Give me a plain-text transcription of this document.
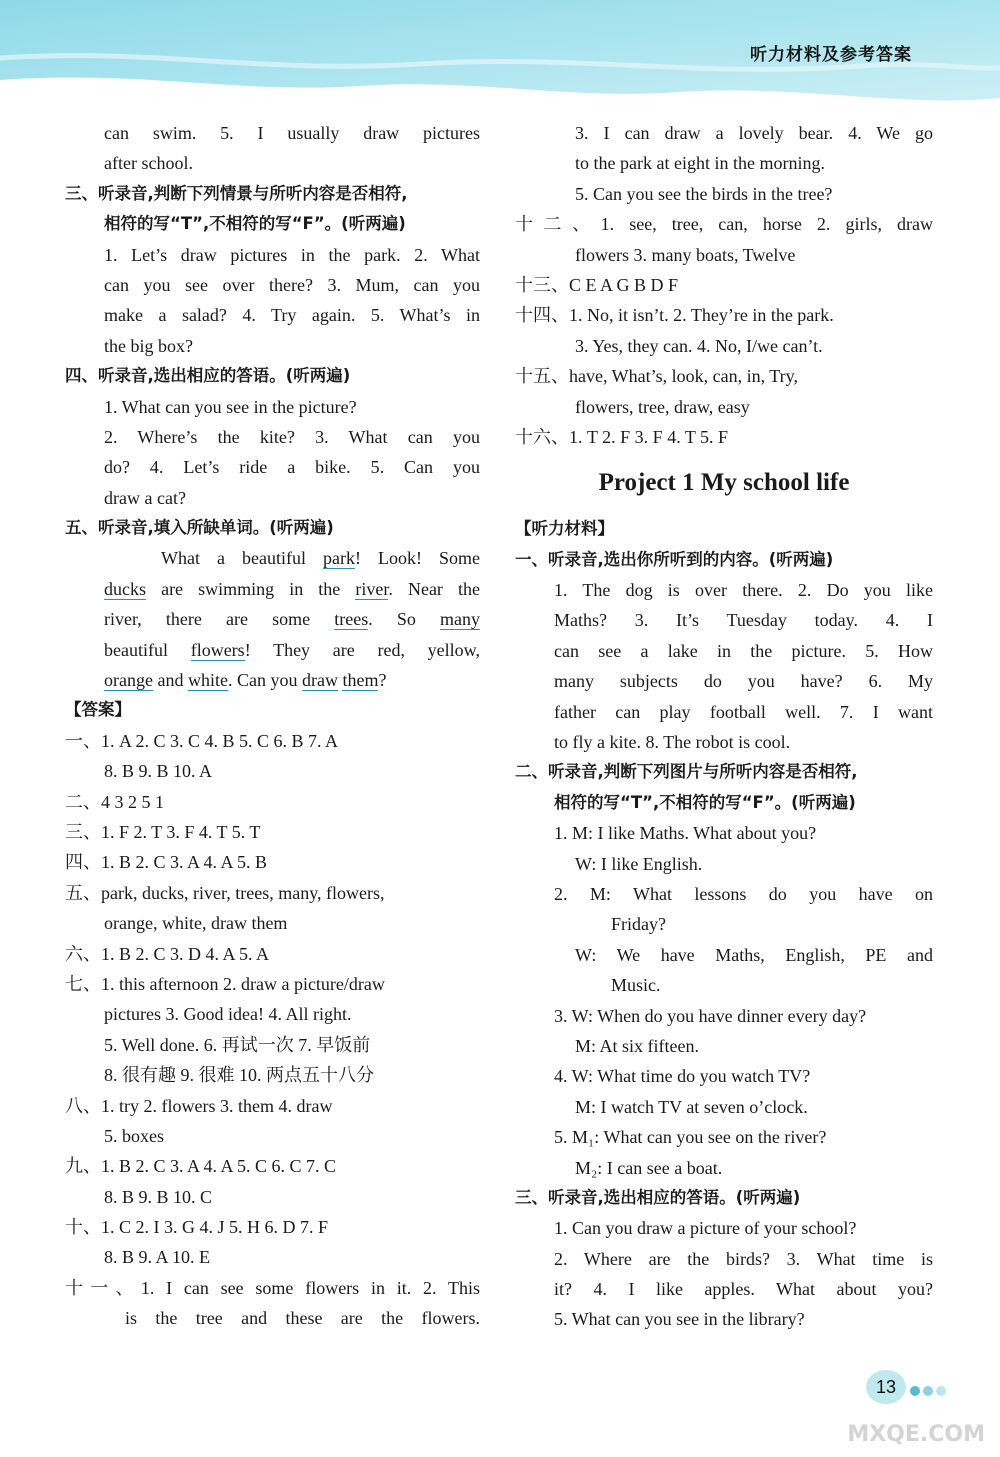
听力材料及参考答案
can swim. 5. I usually draw pictures
after school.
三、听录音,判断下列情景与所听内容是否相符,
相符的写“T”,不相符的写“F”。(听两遍)
1. Let’s draw pictures in the park. 2. What
can you see over there? 3. Mum, can you
make a salad? 4. Try again. 5. What’s in
the big box?
四、听录音,选出相应的答语。(听两遍)
1. What can you see in the picture?
2. Where’s the kite? 3. What can you
do? 4. Let’s ride a bike. 5. Can you
draw a cat?
五、听录音,填入所缺单词。(听两遍)
What a beautiful park! Look! Some
ducks are swimming in the river. Near the
river, there are some trees. So many
beautiful flowers! They are red, yellow,
orange and white. Can you draw them?
【答案】
一、1. A 2. C 3. C 4. B 5. C 6. B 7. A
8. B 9. B 10. A
二、4 3 2 5 1
三、1. F 2. T 3. F 4. T 5. T
四、1. B 2. C 3. A 4. A 5. B
五、park, ducks, river, trees, many, flowers,
orange, white, draw them
六、1. B 2. C 3. D 4. A 5. A
七、1. this afternoon 2. draw a picture/draw
pictures 3. Good idea! 4. All right.
5. Well done. 6. 再试一次 7. 早饭前
8. 很有趣 9. 很难 10. 两点五十八分
八、1. try 2. flowers 3. them 4. draw
5. boxes
九、1. B 2. C 3. A 4. A 5. C 6. C 7. C
8. B 9. B 10. C
十、1. C 2. I 3. G 4. J 5. H 6. D 7. F
8. B 9. A 10. E
十一、1. I can see some flowers in it. 2. This
is the tree and these are the flowers.
3. I can draw a lovely bear. 4. We go
to the park at eight in the morning.
5. Can you see the birds in the tree?
十二、1. see, tree, can, horse 2. girls, draw
flowers 3. many boats, Twelve
十三、C E A G B D F
十四、1. No, it isn’t. 2. They’re in the park.
3. Yes, they can. 4. No, I/we can’t.
十五、have, What’s, look, can, in, Try,
flowers, tree, draw, easy
十六、1. T 2. F 3. F 4. T 5. F
Project 1 My school life
【听力材料】
一、听录音,选出你所听到的内容。(听两遍)
1. The dog is over there. 2. Do you like
Maths? 3. It’s Tuesday today. 4. I
can see a lake in the picture. 5. How
many subjects do you have? 6. My
father can play football well. 7. I want
to fly a kite. 8. The robot is cool.
二、听录音,判断下列图片与所听内容是否相符,
相符的写“T”,不相符的写“F”。(听两遍)
1. M: I like Maths. What about you?
W: I like English.
2. M: What lessons do you have on
Friday?
W: We have Maths, English, PE and
Music.
3. W: When do you have dinner every day?
M: At six fifteen.
4. W: What time do you watch TV?
M: I watch TV at seven o’clock.
5. M₁: What can you see on the river?
M₂: I can see a boat.
三、听录音,选出相应的答语。(听两遍)
1. Can you draw a picture of your school?
2. Where are the birds? 3. What time is
it? 4. I like apples. What about you?
5. What can you see in the library?
13
MXQE.COM
